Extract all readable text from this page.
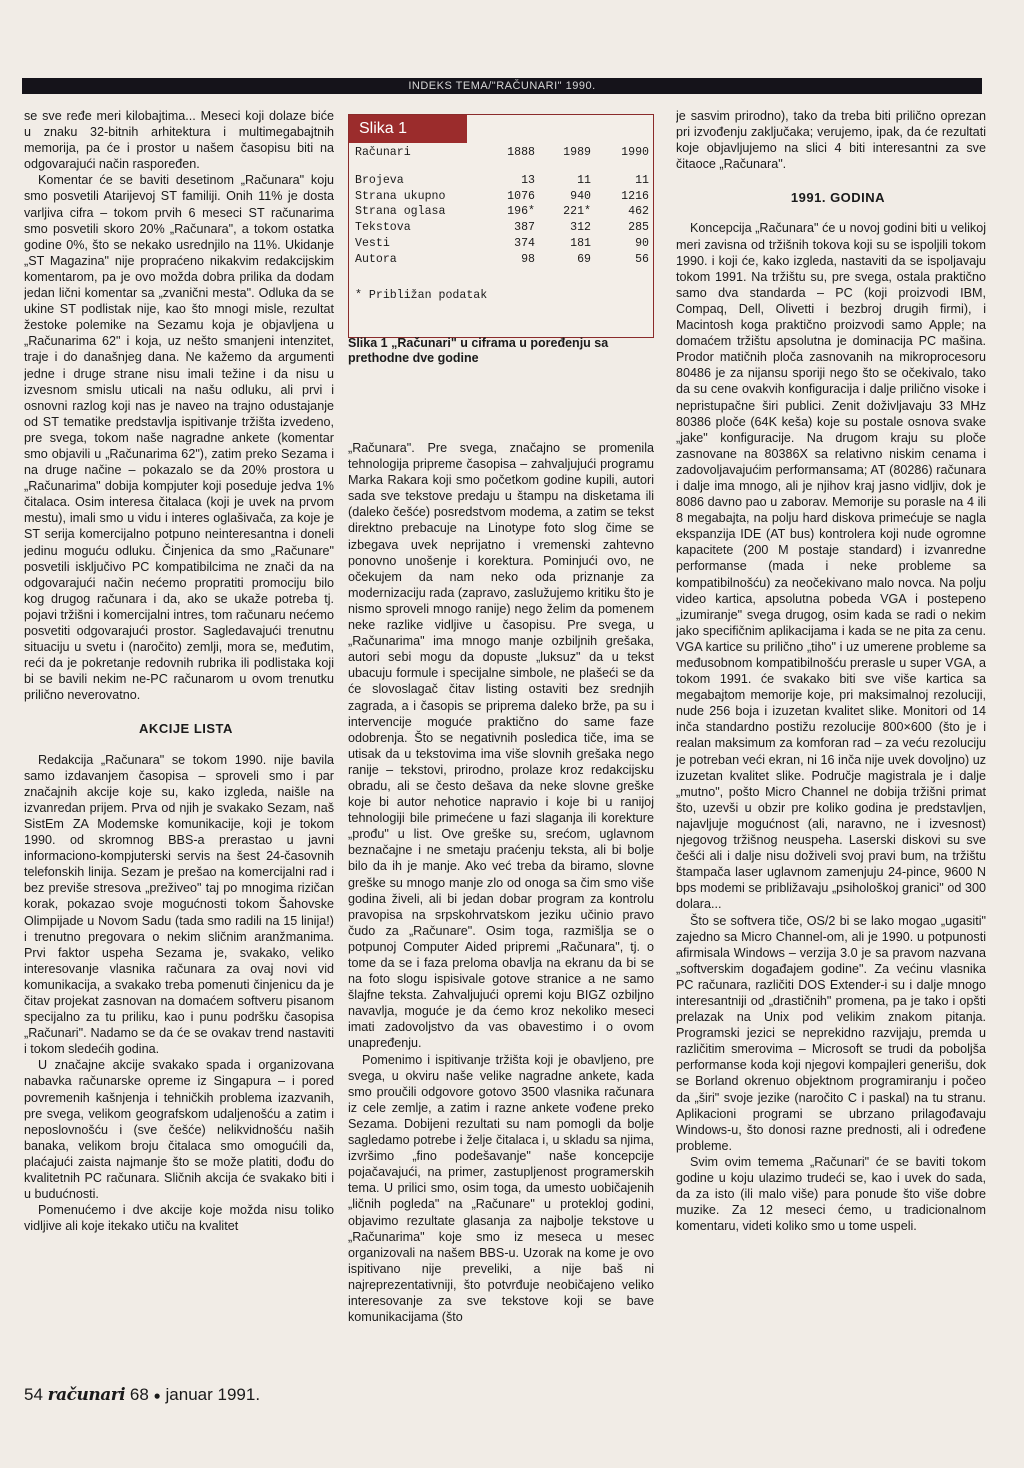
INDEKS TEMA/"RAČUNARI" 1990.

se sve ređe meri kilobajtima... Meseci koji dolaze biće u znaku 32-bitnih arhitektura i multimegabajtnih memorija, pa će i prostor u našem časopisu biti na odgovarajući način raspoređen.

Komentar će se baviti desetinom „Računara" koju smo posvetili Atarijevoj ST familiji. Onih 11% je dosta varljiva cifra – tokom prvih 6 meseci ST računarima smo posvetili skoro 20% „Računara", a tokom ostatka godine 0%, što se nekako usrednjilo na 11%. Ukidanje „ST Magazina" nije propraćeno nikakvim redakcijskim komentarom, pa je ovo možda dobra prilika da dodam jedan lični komentar sa „zvanični mesta". Odluka da se ukine ST podlistak nije, kao što mnogi misle, rezultat žestoke polemike na Sezamu koja je objavljena u „Računarima 62" i koja, uz nešto smanjeni intenzitet, traje i do današnjeg dana. Ne kažemo da argumenti jedne i druge strane nisu imali težine i da nisu u izvesnom smislu uticali na našu odluku, ali prvi i osnovni razlog koji nas je naveo na trajno odustajanje od ST tematike predstavlja ispitivanje tržišta izvedeno, pre svega, tokom naše nagradne ankete (komentar smo objavili u „Računarima 62"), zatim preko Sezama i na druge načine – pokazalo se da 20% prostora u „Računarima" dobija kompjuter koji poseduje jedva 1% čitalaca. Osim interesa čitalaca (koji je uvek na prvom mestu), imali smo u vidu i interes oglašivača, za koje je ST serija komercijalno potpuno neinteresantna i doneli jedinu moguću odluku. Činjenica da smo „Računare" posvetili isključivo PC kompatibilcima ne znači da na odgovarajući način nećemo propratiti promociju bilo kog drugog računara i da, ako se ukaže potreba tj. pojavi tržišni i komercijalni intres, tom računaru nećemo posvetiti odgovarajući prostor. Sagledavajući trenutnu situaciju u svetu i (naročito) zemlji, mora se, međutim, reći da je pokretanje redovnih rubrika ili podlistaka koji bi se bavili nekim ne-PC računarom u ovom trenutku prilično neverovatno.

AKCIJE LISTA

Redakcija „Računara" se tokom 1990. nije bavila samo izdavanjem časopisa – sproveli smo i par značajnih akcije koje su, kako izgleda, naišle na izvanredan prijem. Prva od njih je svakako Sezam, naš SistEm ZA Modemske komunikacije, koji je tokom 1990. od skromnog BBS-a prerastao u javni informaciono-kompjuterski servis na šest 24-časovnih telefonskih linija. Sezam je prešao na komercijalni rad i bez previše stresova „preživeo" taj po mnogima rizičan korak, pokazao svoje mogućnosti tokom Šahovske Olimpijade u Novom Sadu (tada smo radili na 15 linija!) i trenutno pregovara o nekim sličnim aranžmanima. Prvi faktor uspeha Sezama je, svakako, veliko interesovanje vlasnika računara za ovaj novi vid komunikacija, a svakako treba pomenuti činjenicu da je čitav projekat zasnovan na domaćem softveru pisanom specijalno za tu priliku, kao i punu podršku časopisa „Računari". Nadamo se da će se ovakav trend nastaviti i tokom sledećih godina.

U značajne akcije svakako spada i organizovana nabavka računarske opreme iz Singapura – i pored povremenih kašnjenja i tehničkih problema izazvanih, pre svega, velikom geografskom udaljenošću a zatim i neposlovnošću i (sve češće) nelikvidnošću naših banaka, velikom broju čitalaca smo omogućili da, plaćajući zaista najmanje što se može platiti, dođu do kvalitetnih PC računara. Sličnih akcija će svakako biti i u budućnosti.

Pomenućemo i dve akcije koje možda nisu toliko vidljive ali koje itekako utiču na kvalitet

Slika 1
Računari	1888	1989	1990
Brojeva	13	11	11
Strana ukupno	1076	940	1216
Strana oglasa	196*	221*	462
Tekstova	387	312	285
Vesti	374	181	90
Autora	98	69	56
* Približan podatak
Slika 1 „Računari" u ciframa u poređenju sa prethodne dve godine

„Računara". Pre svega, značajno se promenila tehnologija pripreme časopisa – zahvaljujući programu Marka Rakara koji smo početkom godine kupili, autori sada sve tekstove predaju u štampu na disketama ili (daleko češće) posredstvom modema, a zatim se tekst direktno prebacuje na Linotype foto slog čime se izbegava uvek neprijatno i vremenski zahtevno ponovno unošenje i korektura. Pominjući ovo, ne očekujem da nam neko oda priznanje za modernizaciju rada (zapravo, zaslužujemo kritiku što je nismo sproveli mnogo ranije) nego želim da pomenem neke razlike vidljive u časopisu. Pre svega, u „Računarima" ima mnogo manje ozbiljnih grešaka, autori sebi mogu da dopuste „luksuz" da u tekst ubacuju formule i specijalne simbole, ne plašeći se da će slovoslagač čitav listing ostaviti bez srednjih zagrada, a i časopis se priprema daleko brže, pa su i intervencije moguće praktično do same faze odobrenja. Što se negativnih posledica tiče, ima se utisak da u tekstovima ima više slovnih grešaka nego ranije – tekstovi, prirodno, prolaze kroz redakcijsku obradu, ali se često dešava da neke slovne greške koje bi autor nehotice napravio i koje bi u ranijoj tehnologiji bile primećene u fazi slaganja ili korekture „prođu" u list. Ove greške su, srećom, uglavnom beznačajne i ne smetaju praćenju teksta, ali bi bolje bilo da ih je manje. Ako već treba da biramo, slovne greške su mnogo manje zlo od onoga sa čim smo više godina živeli, ali bi jedan dobar program za kontrolu pravopisa na srpskohrvatskom jeziku učinio pravo čudo za „Računare". Osim toga, razmišlja se o potpunoj Computer Aided pripremi „Računara", tj. o tome da se i faza preloma obavlja na ekranu da bi se na foto slogu ispisivale gotove stranice a ne samo šlajfne teksta. Zahvaljujući opremi koju BIGZ ozbiljno navavlja, moguće je da ćemo kroz nekoliko meseci imati zadovoljstvo da vas obavestimo i o ovom unapređenju.

Pomenimo i ispitivanje tržišta koji je obavljeno, pre svega, u okviru naše velike nagradne ankete, kada smo proučili odgovore gotovo 3500 vlasnika računara iz cele zemlje, a zatim i razne ankete vođene preko Sezama. Dobijeni rezultati su nam pomogli da bolje sagledamo potrebe i želje čitalaca i, u skladu sa njima, izvršimo „fino podešavanje" naše koncepcije pojačavajući, na primer, zastupljenost programerskih tema. U prilici smo, osim toga, da umesto uobičajenih „ličnih pogleda" na „Računare" u protekloj godini, objavimo rezultate glasanja za najbolje tekstove u „Računarima" koje smo iz meseca u mesec organizovali na našem BBS-u. Uzorak na kome je ovo ispitivano nije preveliki, a nije baš ni najreprezentativniji, što potvrđuje neobičajeno veliko interesovanje za sve tekstove koji se bave komunikacijama (što

je sasvim prirodno), tako da treba biti prilično oprezan pri izvođenju zaključaka; verujemo, ipak, da će rezultati koje objavljujemo na slici 4 biti interesantni za sve čitaoce „Računara".

1991. GODINA

Koncepcija „Računara" će u novoj godini biti u velikoj meri zavisna od tržišnih tokova koji su se ispoljili tokom 1990. i koji će, kako izgleda, nastaviti da se ispoljavaju tokom 1991. Na tržištu su, pre svega, ostala praktično samo dva standarda – PC (koji proizvodi IBM, Compaq, Dell, Olivetti i bezbroj drugih firmi), i Macintosh koga praktično proizvodi samo Apple; na domaćem tržištu apsolutna je dominacija PC mašina. Prodor matičnih ploča zasnovanih na mikroprocesoru 80486 je za nijansu sporiji nego što se očekivalo, tako da su cene ovakvih konfiguracija i dalje prilično visoke i nepristupačne širi publici. Zenit doživljavaju 33 MHz 80386 ploče (64K keša) koje su postale osnova svake „jake" konfiguracije. Na drugom kraju su ploče zasnovane na 80386X sa relativno niskim cenama i zadovoljavajućim performansama; AT (80286) računara i dalje ima mnogo, ali je njihov kraj jasno vidljiv, dok je 8086 davno pao u zaborav. Memorije su porasle na 4 ili 8 megabajta, na polju hard diskova primećuje se nagla ekspanzija IDE (AT bus) kontrolera koji nude ogromne kapacitete (200 M postaje standard) i izvanredne performanse (mada i neke probleme sa kompatibilnošću) za neočekivano malo novca. Na polju video kartica, apsolutna pobeda VGA i postepeno „izumiranje" svega drugog, osim kada se radi o nekim jako specifičnim aplikacijama i kada se ne pita za cenu. VGA kartice su prilično „tiho" i uz umerene probleme sa međusobnom kompatibilnošću prerasle u super VGA, a tokom 1991. će svakako biti sve više kartica sa megabajtom memorije koje, pri maksimalnoj rezoluciji, nude 256 boja i izuzetan kvalitet slike. Monitori od 14 inča standardno postižu rezolucije 800×600 (što je i realan maksimum za komforan rad – za veću rezoluciju je potreban veći ekran, ni 16 inča nije uvek dovoljno) uz izuzetan kvalitet slike. Područje magistrala je i dalje „mutno", pošto Micro Channel ne dobija tržišni primat što, uzevši u obzir pre koliko godina je predstavljen, najavljuje mogućnost (ali, naravno, ne i izvesnost) njegovog tržišnog neuspeha. Laserski diskovi su sve češći ali i dalje nisu doživeli svoj pravi bum, na tržištu štampača laser uglavnom zamenjuju 24-pince, 9600 N bps modemi se približavaju „psihološkoj granici" od 300 dolara...

Što se softvera tiče, OS/2 bi se lako mogao „ugasiti" zajedno sa Micro Channel-om, ali je 1990. u potpunosti afirmisala Windows – verzija 3.0 je sa pravom nazvana „softverskim događajem godine". Za većinu vlasnika PC računara, različiti DOS Extender-i su i dalje mnogo interesantniji od „drastičnih" promena, pa je tako i opšti prelazak na Unix pod velikim znakom pitanja. Programski jezici se neprekidno razvijaju, premda u različitim smerovima – Microsoft se trudi da poboljša performanse koda koji njegovi kompajleri generišu, dok se Borland okrenuo objektnom programiranju i počeo da „širi" svoje jezike (naročito C i paskal) na tu stranu. Aplikacioni programi se ubrzano prilagođavaju Windows-u, što donosi razne prednosti, ali i određene probleme.

Svim ovim temema „Računari" će se baviti tokom godine u koju ulazimo trudeći se, kao i uvek do sada, da za isto (ili malo više) para ponude što više dobre muzike. Za 12 meseci ćemo, u tradicionalnom komentaru, videti koliko smo u tome uspeli.

54 računari 68 ● januar 1991.
